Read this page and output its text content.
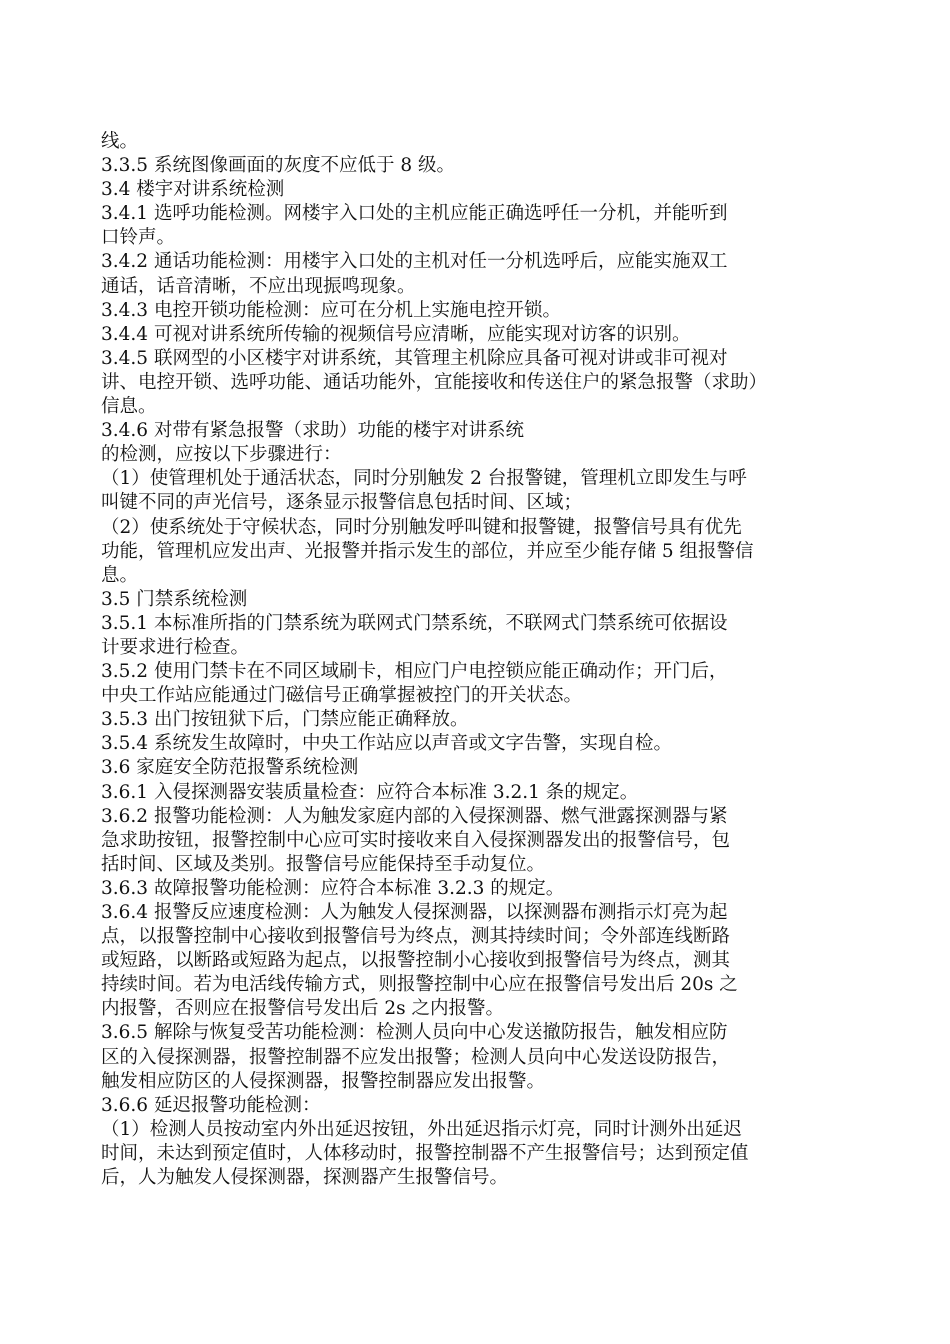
线。
3.3.5 系统图像画面的灰度不应低于 8 级。
3.4 楼宇对讲系统检测
3.4.1 选呼功能检测。网楼宇入口处的主机应能正确选呼任一分机，并能听到
口铃声。
3.4.2 通话功能检测：用楼宇入口处的主机对任一分机选呼后，应能实施双工
通话，话音清晰，不应出现振鸣现象。
3.4.3 电控开锁功能检测：应可在分机上实施电控开锁。
3.4.4 可视对讲系统所传输的视频信号应清晰，应能实现对访客的识别。
3.4.5 联网型的小区楼宇对讲系统，其管理主机除应具备可视对讲或非可视对
讲、电控开锁、选呼功能、通话功能外，宜能接收和传送住户的紧急报警（求助）
信息。
3.4.6 对带有紧急报警（求助）功能的楼宇对讲系统
的检测，应按以下步骤进行：
（1）使管理机处于通活状态，同时分别触发 2 台报警键，管理机立即发生与呼
叫键不同的声光信号，逐条显示报警信息包括时间、区域；
（2）使系统处于守候状态，同时分别触发呼叫键和报警键，报警信号具有优先
功能，管理机应发出声、光报警并指示发生的部位，并应至少能存储 5 组报警信
息。
3.5 门禁系统检测
3.5.1 本标准所指的门禁系统为联网式门禁系统，不联网式门禁系统可依据设
计要求进行检查。
3.5.2 使用门禁卡在不同区域刷卡，相应门户电控锁应能正确动作；开门后，
中央工作站应能通过门磁信号正确掌握被控门的开关状态。
3.5.3 出门按钮狱下后，门禁应能正确释放。
3.5.4 系统发生故障时，中央工作站应以声音或文字告警，实现自检。
3.6 家庭安全防范报警系统检测
3.6.1 入侵探测器安装质量检查：应符合本标准 3.2.1 条的规定。
3.6.2 报警功能检测：人为触发家庭内部的入侵探测器、燃气泄露探测器与紧
急求助按钮，报警控制中心应可实时接收来自入侵探测器发出的报警信号，包
括时间、区域及类别。报警信号应能保持至手动复位。
3.6.3 故障报警功能检测：应符合本标准 3.2.3 的规定。
3.6.4 报警反应速度检测：人为触发人侵探测器，以探测器布测指示灯亮为起
点，以报警控制中心接收到报警信号为终点，测其持续时间；令外部连线断路
或短路，以断路或短路为起点，以报警控制小心接收到报警信号为终点，测其
持续时间。若为电活线传输方式，则报警控制中心应在报警信号发出后 20s 之
内报警，否则应在报警信号发出后 2s 之内报警。
3.6.5 解除与恢复受苦功能检测：检测人员向中心发送撤防报告，触发相应防
区的入侵探测器，报警控制器不应发出报警；检测人员向中心发送设防报告，
触发相应防区的人侵探测器，报警控制器应发出报警。
3.6.6 延迟报警功能检测：
（1）检测人员按动室内外出延迟按钮，外出延迟指示灯亮，同时计测外出延迟
时间，未达到预定值时，人体移动时，报警控制器不产生报警信号；达到预定值
后，人为触发人侵探测器，探测器产生报警信号。
